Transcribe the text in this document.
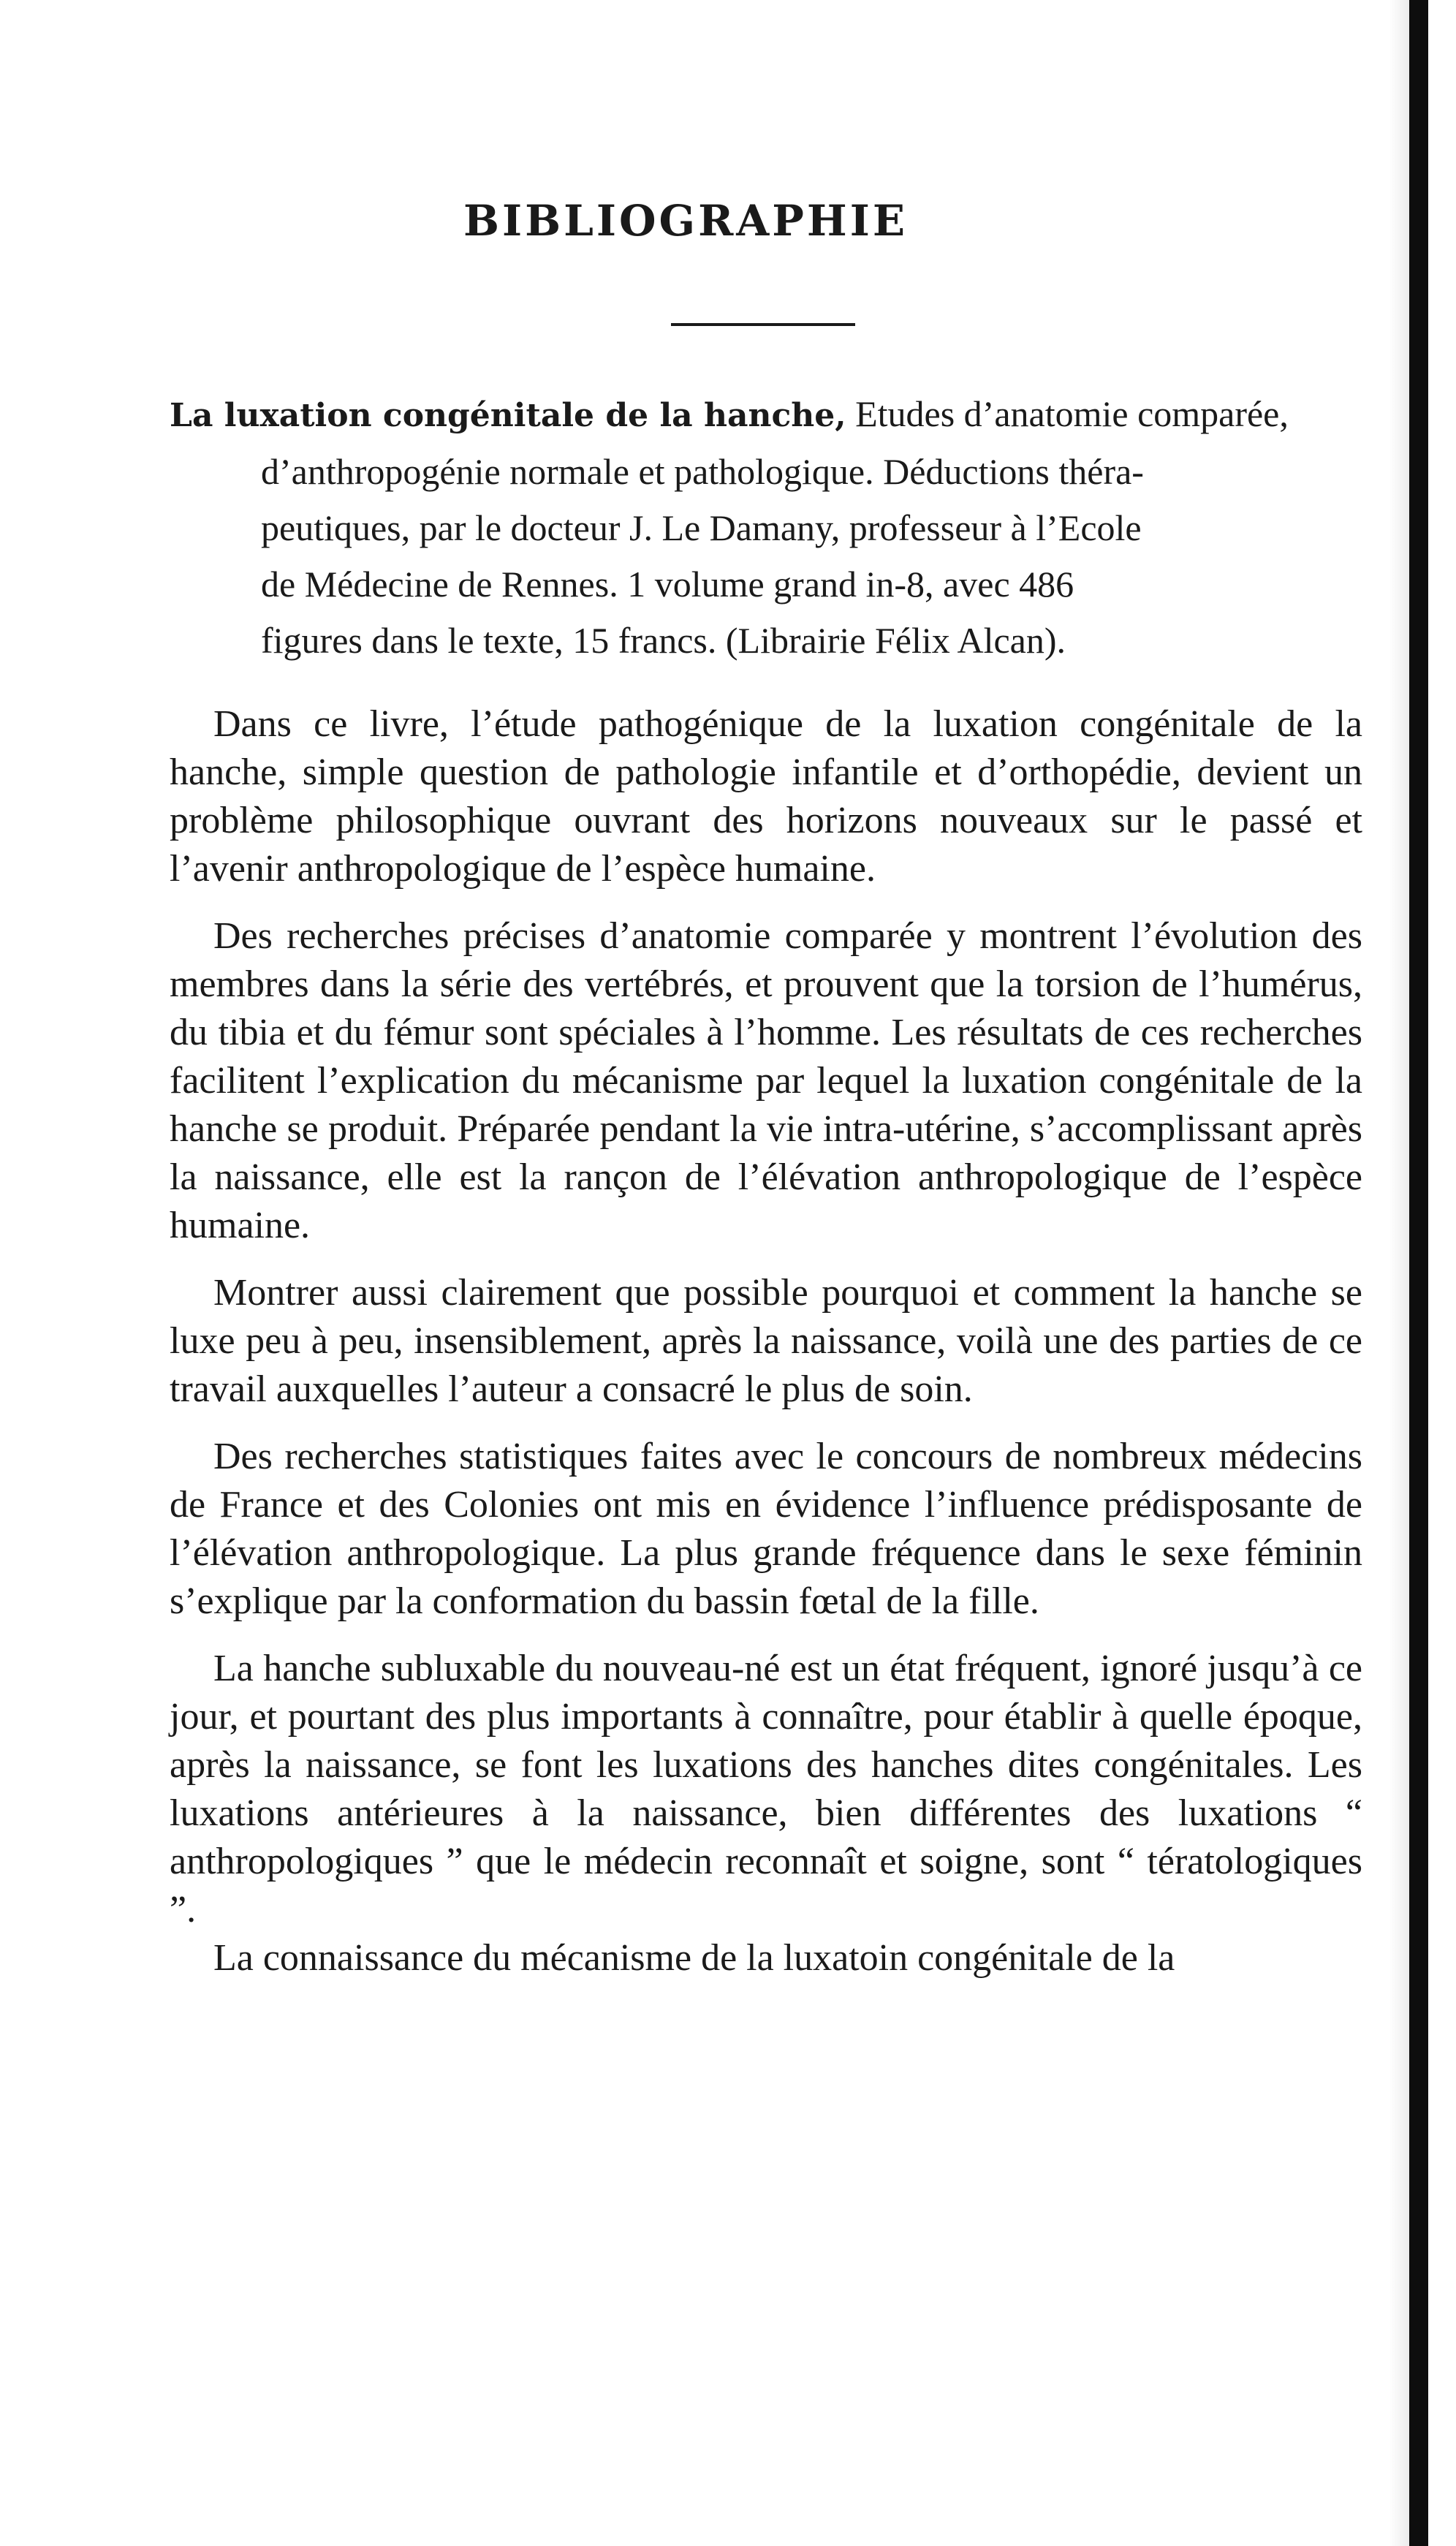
BIBLIOGRAPHIE
La luxation congénitale de la hanche, Etudes d’anatomie comparée,
d’anthropogénie normale et pathologique. Déductions théra-
peutiques, par le docteur J. Le Damany, professeur à l’Ecole
de Médecine de Rennes. 1 volume grand in-8, avec 486
figures dans le texte, 15 francs. (Librairie Félix Alcan).

Dans ce livre, l’étude pathogénique de la luxation congénitale de la hanche, simple question de pathologie infantile et d’orthopédie, devient un problème philosophique ouvrant des horizons nouveaux sur le passé et l’avenir anthropologique de l’espèce humaine.

Des recherches précises d’anatomie comparée y montrent l’évolution des membres dans la série des vertébrés, et prouvent que la torsion de l’humérus, du tibia et du fémur sont spéciales à l’homme. Les résultats de ces recherches facilitent l’explication du mécanisme par lequel la luxation congénitale de la hanche se produit. Préparée pendant la vie intra-utérine, s’accomplissant après la naissance, elle est la rançon de l’élévation anthropologique de l’espèce humaine.

Montrer aussi clairement que possible pourquoi et comment la hanche se luxe peu à peu, insensiblement, après la naissance, voilà une des parties de ce travail auxquelles l’auteur a consacré le plus de soin.

Des recherches statistiques faites avec le concours de nombreux médecins de France et des Colonies ont mis en évidence l’influence prédisposante de l’élévation anthropologique. La plus grande fréquence dans le sexe féminin s’explique par la conformation du bassin fœtal de la fille.

La hanche subluxable du nouveau-né est un état fréquent, ignoré jusqu’à ce jour, et pourtant des plus importants à connaître, pour établir à quelle époque, après la naissance, se font les luxations des hanches dites congénitales. Les luxations antérieures à la naissance, bien différentes des luxations “ anthropologiques ” que le médecin reconnaît et soigne, sont “ tératologiques ”.

La connaissance du mécanisme de la luxatoin congénitale de la
